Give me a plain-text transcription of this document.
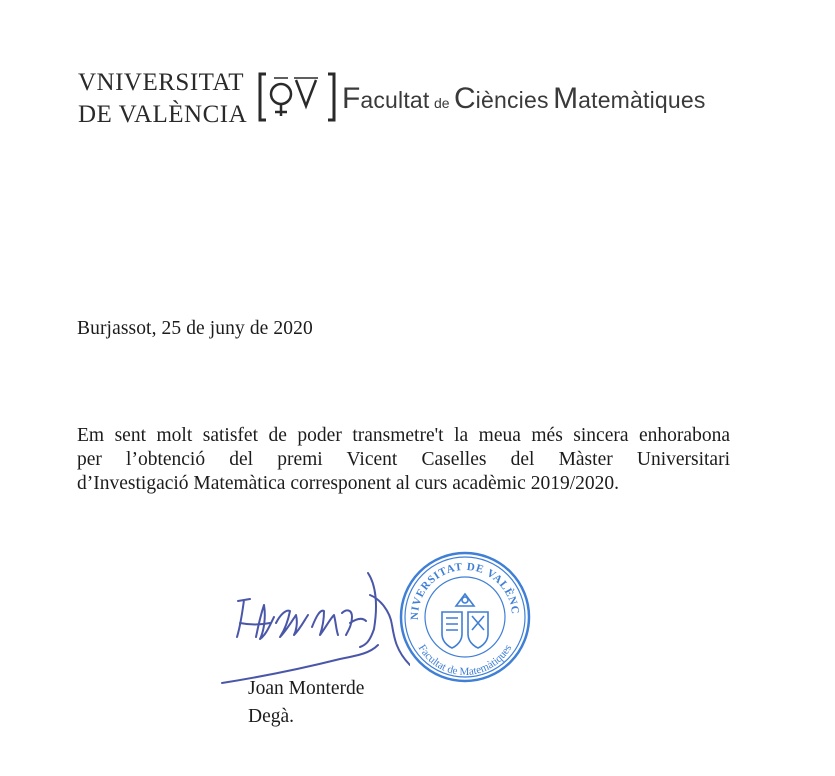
VNIVERSITAT
DE VALÈNCIA	Facultat de Ciències Matemàtiques
Burjassot, 25 de juny de 2020
Em sent molt satisfet de poder transmetre't la meua més sincera enhorabona
per l’obtenció del premi Vicent Caselles del Màster Universitari
d’Investigació Matemàtica corresponent al curs acadèmic 2019/2020.
NIVERSITAT DE VALÈNC
Facultat de Matemàtiques
Joan Monterde
Degà.
